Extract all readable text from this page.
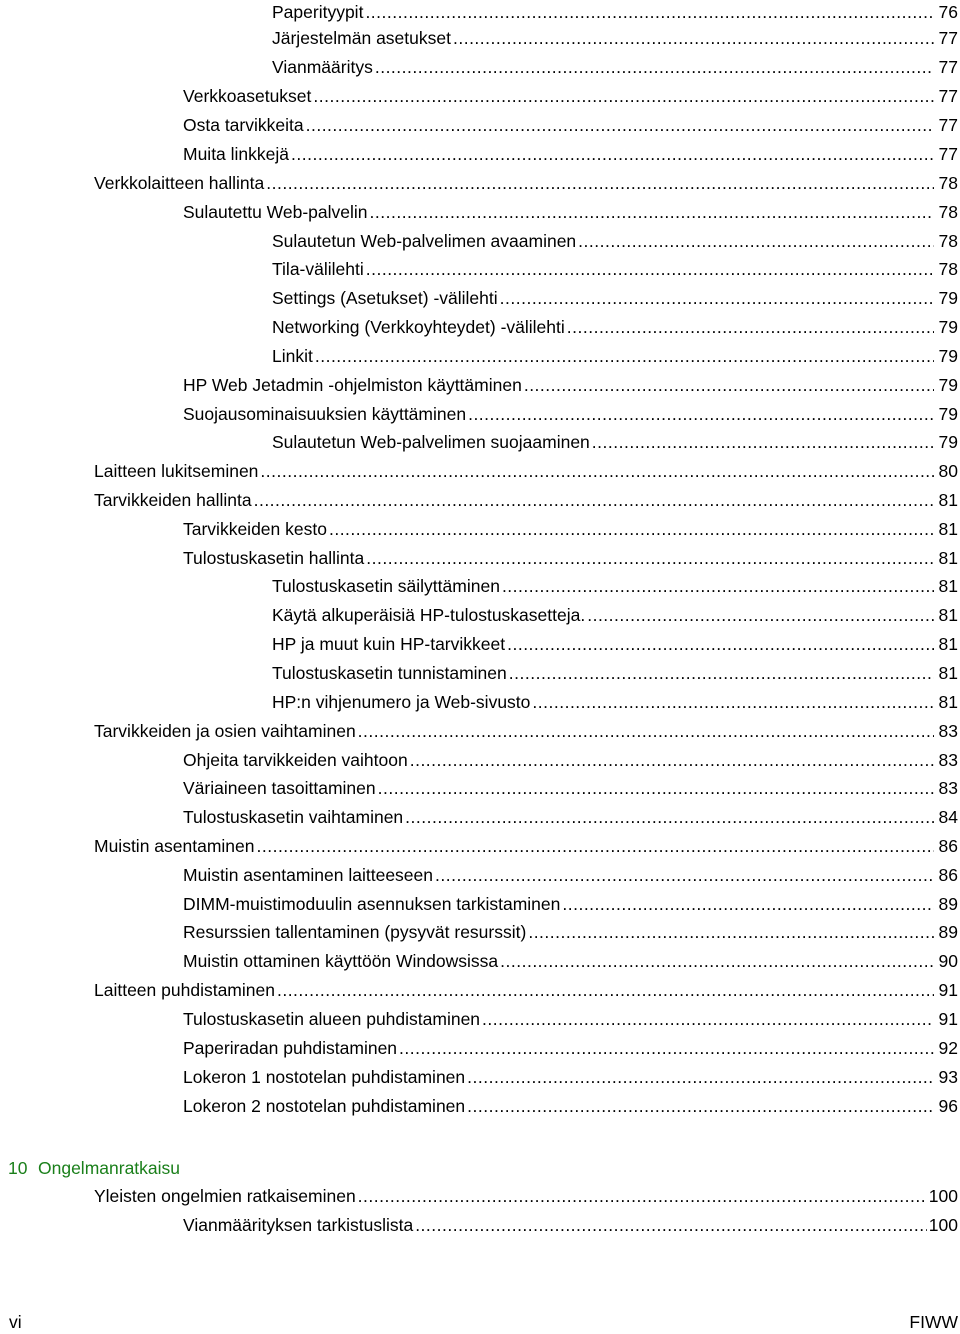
Paperityypit .....	76
Järjestelmän asetukset .....	77
Vianmääritys .....	77
Verkkoasetukset .....	77
Osta tarvikkeita .....	77
Muita linkkejä .....	77
Verkkolaitteen hallinta .....	78
Sulautettu Web-palvelin .....	78
Sulautetun Web-palvelimen avaaminen .....	78
Tila-välilehti .....	78
Settings (Asetukset) -välilehti .....	79
Networking (Verkkoyhteydet) -välilehti .....	79
Linkit .....	79
HP Web Jetadmin -ohjelmiston käyttäminen .....	79
Suojausominaisuuksien käyttäminen .....	79
Sulautetun Web-palvelimen suojaaminen .....	79
Laitteen lukitseminen .....	80
Tarvikkeiden hallinta .....	81
Tarvikkeiden kesto .....	81
Tulostuskasetin hallinta .....	81
Tulostuskasetin säilyttäminen .....	81
Käytä alkuperäisiä HP-tulostuskasetteja. .....	81
HP ja muut kuin HP-tarvikkeet .....	81
Tulostuskasetin tunnistaminen .....	81
HP:n vihjenumero ja Web-sivusto .....	81
Tarvikkeiden ja osien vaihtaminen .....	83
Ohjeita tarvikkeiden vaihtoon .....	83
Väriaineen tasoittaminen .....	83
Tulostuskasetin vaihtaminen .....	84
Muistin asentaminen .....	86
Muistin asentaminen laitteeseen .....	86
DIMM-muistimoduulin asennuksen tarkistaminen .....	89
Resurssien tallentaminen (pysyvät resurssit) .....	89
Muistin ottaminen käyttöön Windowsissa .....	90
Laitteen puhdistaminen .....	91
Tulostuskasetin alueen puhdistaminen .....	91
Paperiradan puhdistaminen .....	92
Lokeron 1 nostotelan puhdistaminen .....	93
Lokeron 2 nostotelan puhdistaminen .....	96
10 Ongelmanratkaisu
Yleisten ongelmien ratkaiseminen .....	100
Vianmäärityksen tarkistuslista .....	100
vi	FIWW
